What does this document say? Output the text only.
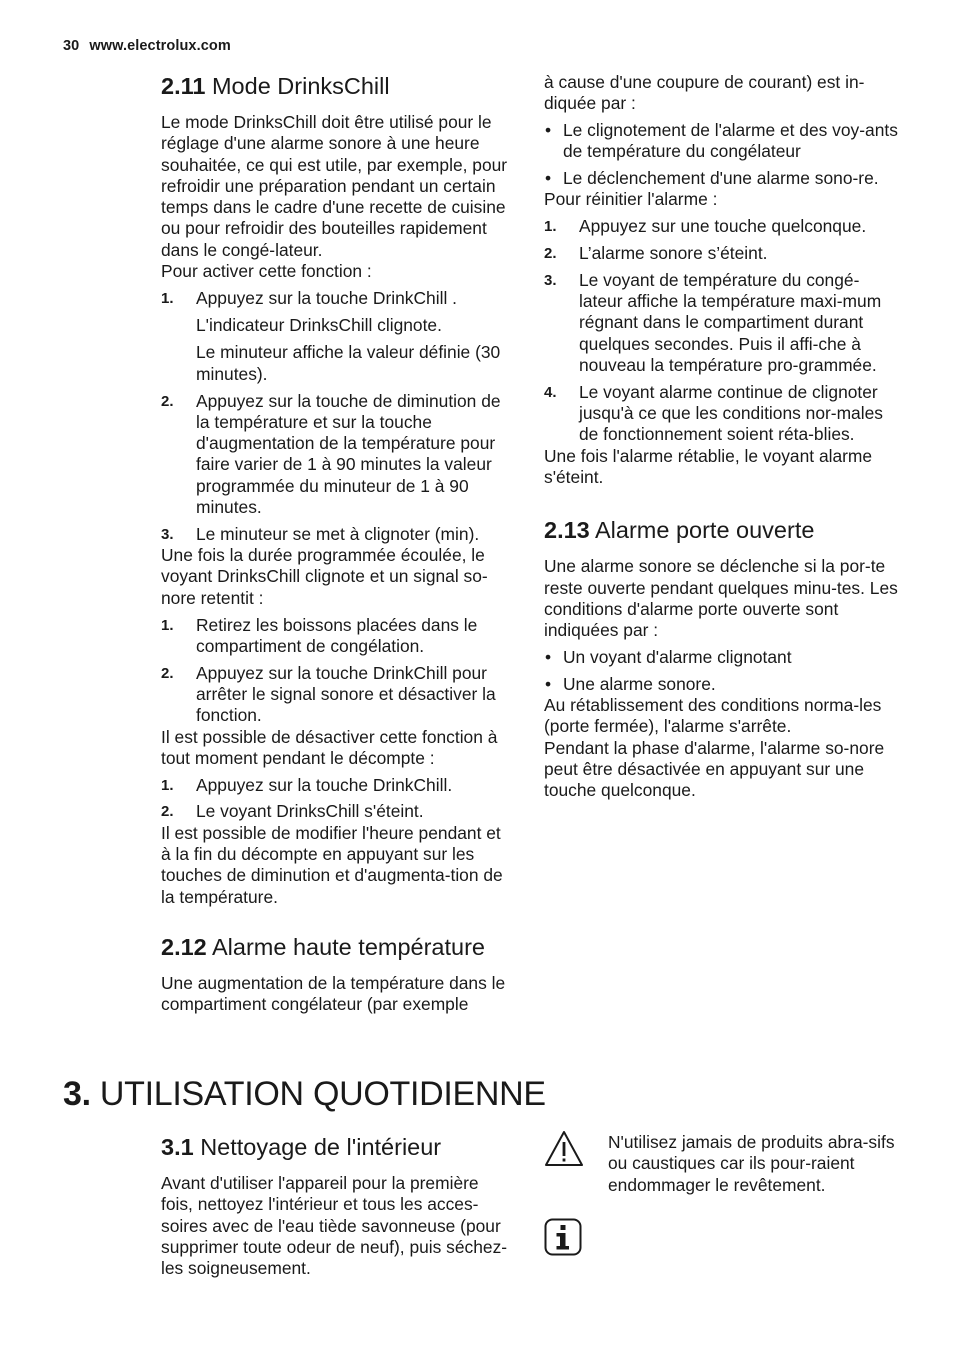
30 www.electrolux.com
2.11 Mode DrinksChill

Le mode DrinksChill doit être utilisé pour le réglage d'une alarme sonore à une heure souhaitée, ce qui est utile, par exemple, pour refroidir une préparation pendant un certain temps dans le cadre d'une recette de cuisine ou pour refroidir des bouteilles rapidement dans le congé-lateur.

Pour activer cette fonction :

1. Appuyez sur la touche DrinkChill .
L'indicateur DrinksChill clignote.
Le minuteur affiche la valeur définie (30 minutes).
2. Appuyez sur la touche de diminution de la température et sur la touche d'augmentation de la température pour faire varier de 1 à 90 minutes la valeur programmée du minuteur de 1 à 90 minutes.
3. Le minuteur se met à clignoter (min).

Une fois la durée programmée écoulée, le voyant DrinksChill clignote et un signal so-nore retentit :

1. Retirez les boissons placées dans le compartiment de congélation.
2. Appuyez sur la touche DrinkChill pour arrêter le signal sonore et désactiver la fonction.

Il est possible de désactiver cette fonction à tout moment pendant le décompte :

1. Appuyez sur la touche DrinkChill.
2. Le voyant DrinksChill s'éteint.

Il est possible de modifier l'heure pendant et à la fin du décompte en appuyant sur les touches de diminution et d'augmenta-tion de la température.

2.12 Alarme haute température

Une augmentation de la température dans le compartiment congélateur (par exemple

à cause d'une coupure de courant) est in-diquée par :

• Le clignotement de l'alarme et des voy-ants de température du congélateur
• Le déclenchement d'une alarme sono-re.

Pour réinitier l'alarme :

1. Appuyez sur une touche quelconque.
2. L’alarme sonore s’éteint.
3. Le voyant de température du congé-lateur affiche la température maxi-mum régnant dans le compartiment durant quelques secondes. Puis il affi-che à nouveau la température pro-grammée.
4. Le voyant alarme continue de clignoter jusqu'à ce que les conditions nor-males de fonctionnement soient réta-blies.

Une fois l'alarme rétablie, le voyant alarme s'éteint.

2.13 Alarme porte ouverte

Une alarme sonore se déclenche si la por-te reste ouverte pendant quelques minu-tes. Les conditions d'alarme porte ouverte sont indiquées par :

• Un voyant d'alarme clignotant
• Une alarme sonore.

Au rétablissement des conditions norma-les (porte fermée), l'alarme s'arrête.

Pendant la phase d'alarme, l'alarme so-nore peut être désactivée en appuyant sur une touche quelconque.

3. UTILISATION QUOTIDIENNE
3.1 Nettoyage de l'intérieur

Avant d'utiliser l'appareil pour la première fois, nettoyez l'intérieur et tous les acces-soires avec de l'eau tiède savonneuse (pour supprimer toute odeur de neuf), puis séchez-les soigneusement.

N'utilisez jamais de produits abra-sifs ou caustiques car ils pour-raient endommager le revêtement.
